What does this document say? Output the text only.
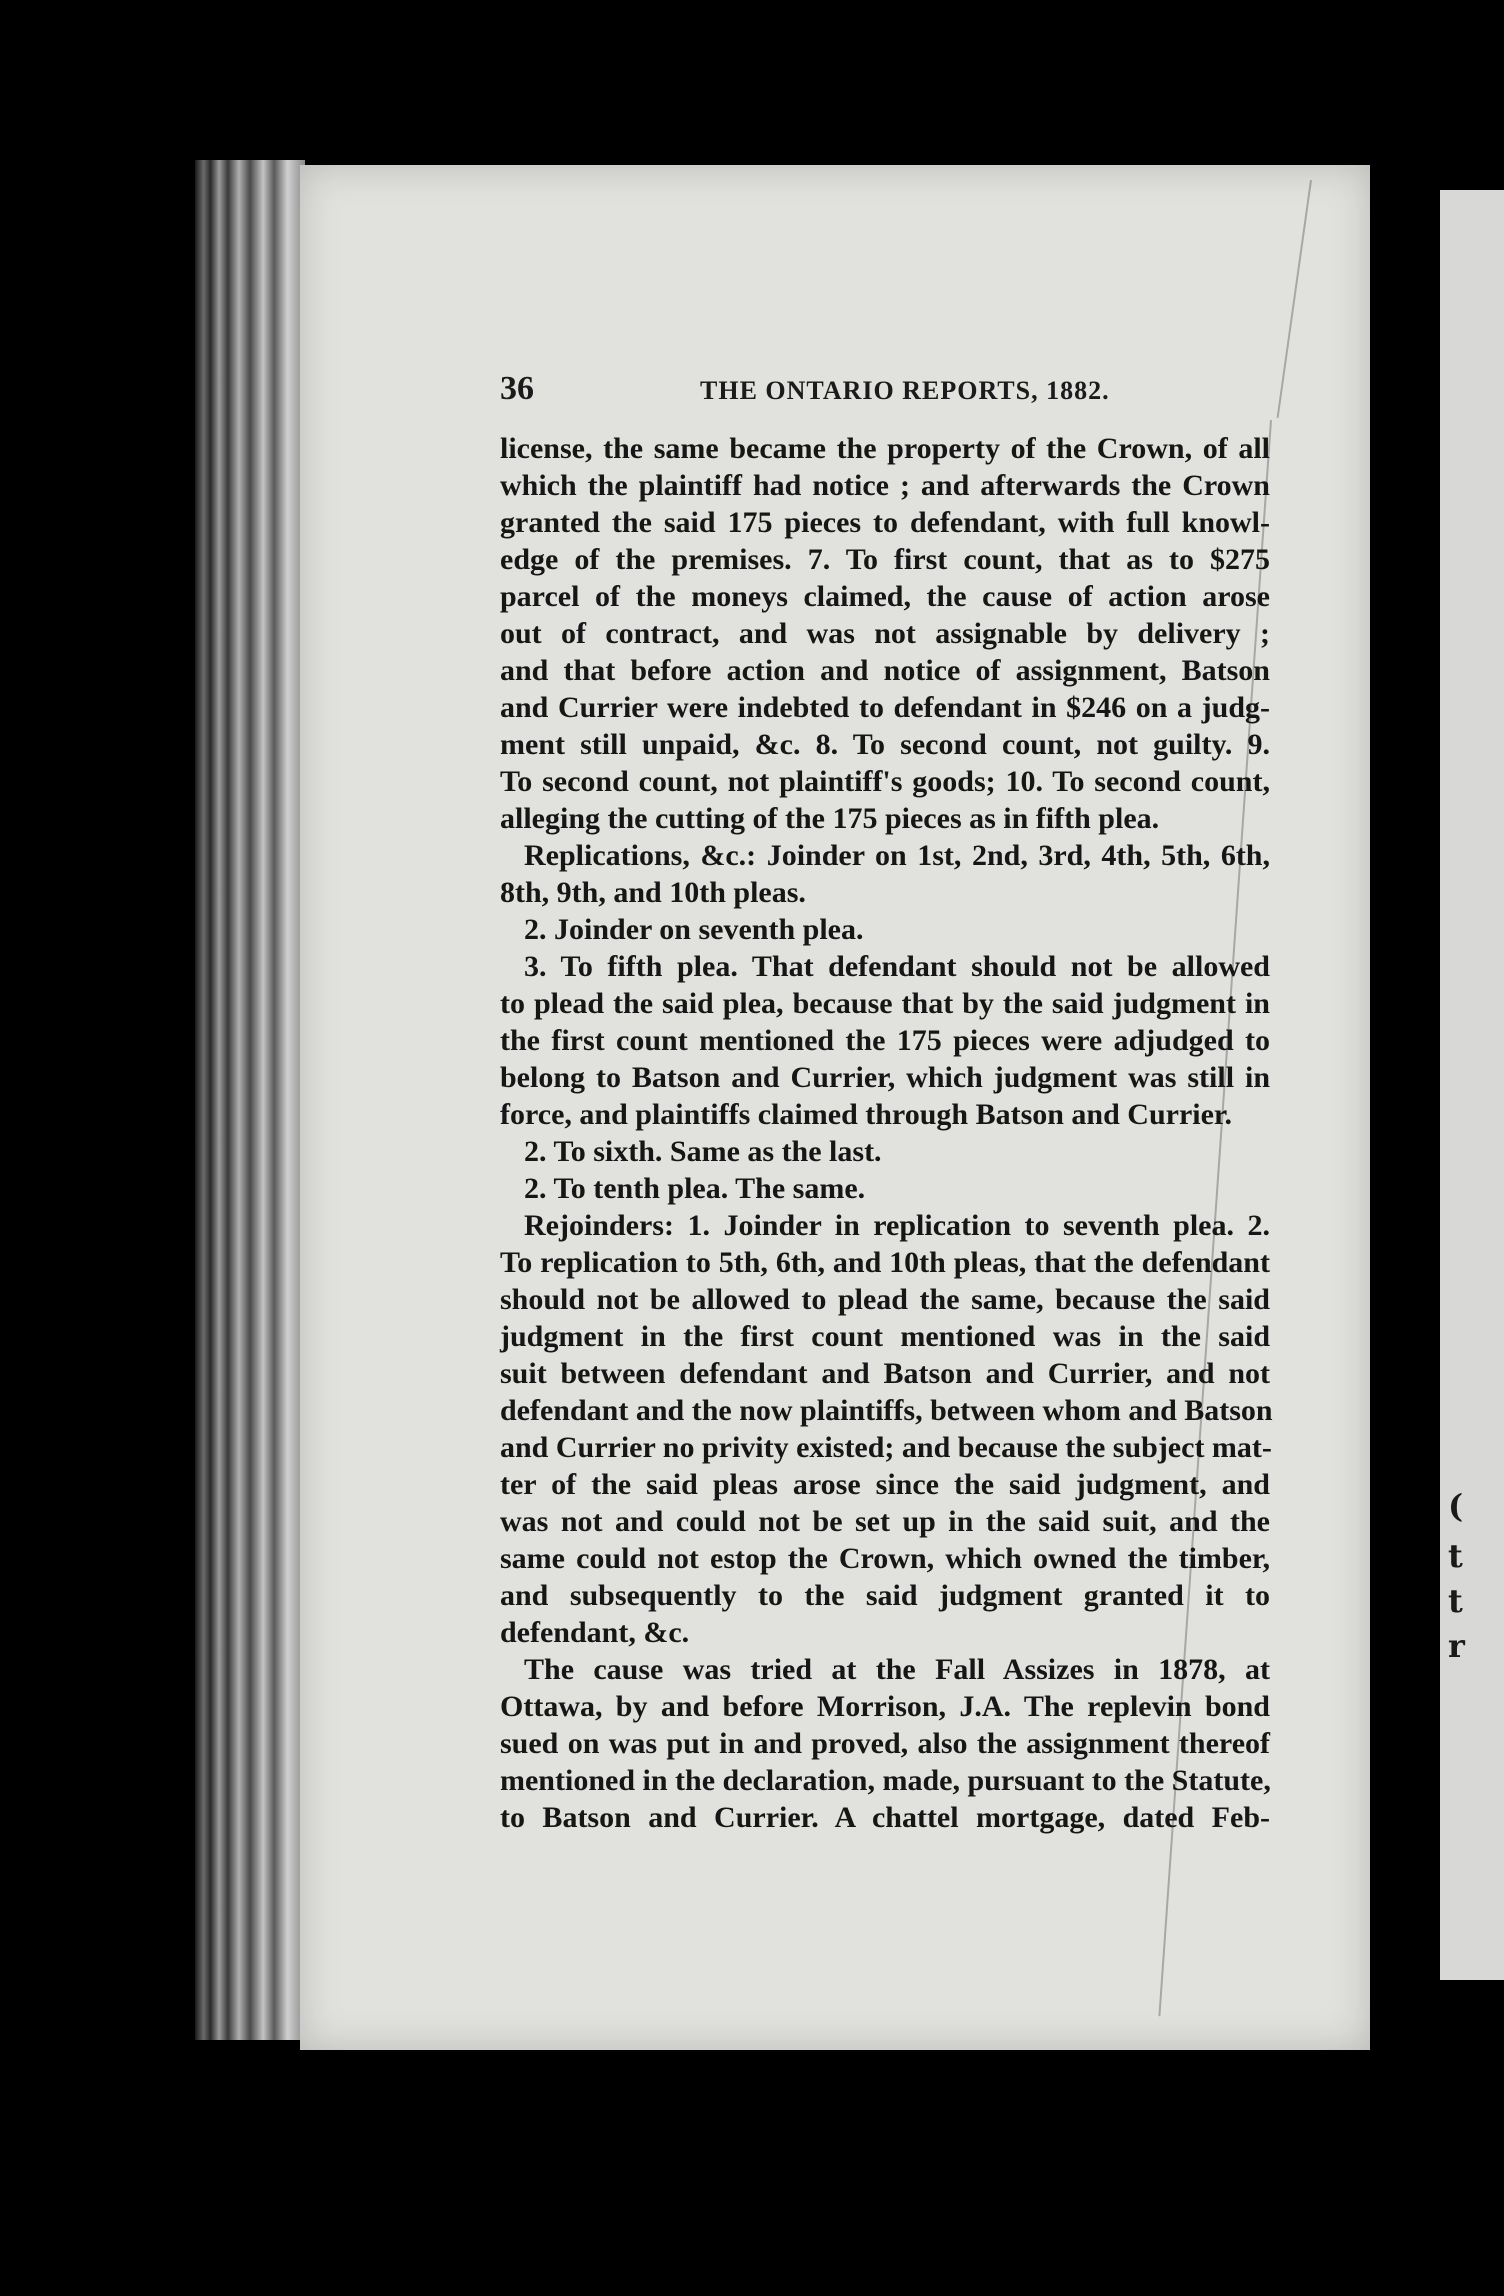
(
t
t
r
36	THE ONTARIO REPORTS, 1882.
license, the same became the property of the Crown, of all
which the plaintiff had notice ; and afterwards the Crown
granted the said 175 pieces to defendant, with full knowl-
edge of the premises. 7. To first count, that as to $275
parcel of the moneys claimed, the cause of action arose
out of contract, and was not assignable by delivery ;
and that before action and notice of assignment, Batson
and Currier were indebted to defendant in $246 on a judg-
ment still unpaid, &c. 8. To second count, not guilty. 9.
To second count, not plaintiff's goods; 10. To second count,
alleging the cutting of the 175 pieces as in fifth plea.
Replications, &c.: Joinder on 1st, 2nd, 3rd, 4th, 5th, 6th,
8th, 9th, and 10th pleas.
2. Joinder on seventh plea.
3. To fifth plea. That defendant should not be allowed
to plead the said plea, because that by the said judgment in
the first count mentioned the 175 pieces were adjudged to
belong to Batson and Currier, which judgment was still in
force, and plaintiffs claimed through Batson and Currier.
2. To sixth. Same as the last.
2. To tenth plea. The same.
Rejoinders: 1. Joinder in replication to seventh plea. 2.
To replication to 5th, 6th, and 10th pleas, that the defendant
should not be allowed to plead the same, because the said
judgment in the first count mentioned was in the said
suit between defendant and Batson and Currier, and not
defendant and the now plaintiffs, between whom and Batson
and Currier no privity existed; and because the subject mat-
ter of the said pleas arose since the said judgment, and
was not and could not be set up in the said suit, and the
same could not estop the Crown, which owned the timber,
and subsequently to the said judgment granted it to
defendant, &c.
The cause was tried at the Fall Assizes in 1878, at
Ottawa, by and before Morrison, J.A. The replevin bond
sued on was put in and proved, also the assignment thereof
mentioned in the declaration, made, pursuant to the Statute,
to Batson and Currier. A chattel mortgage, dated Feb-
